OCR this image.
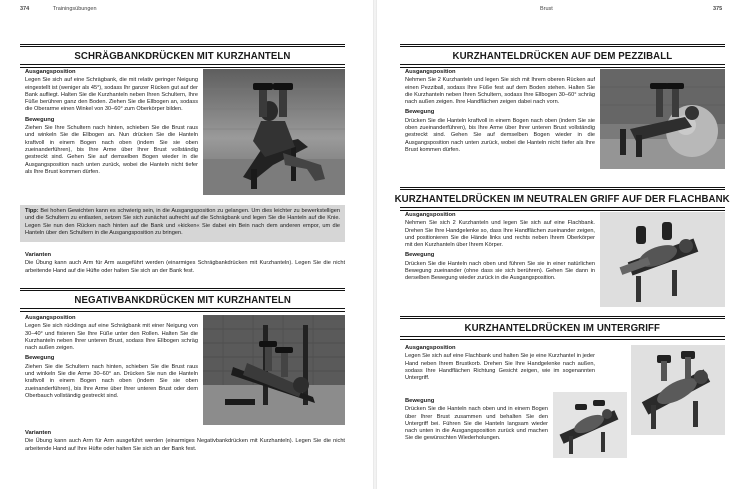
374	Trainingsübungen
SCHRÄGBANKDRÜCKEN MIT KURZHANTELN
Ausgangsposition
Legen Sie sich auf eine Schrägbank, die mit relativ geringer Neigung eingestellt ist (weniger als 45°), sodass Ihr ganzer Rücken gut auf der Bank aufliegt. Halten Sie die Kurzhanteln neben Ihren Schultern, Ihre Füße berühren ganz den Boden. Ziehen Sie die Ellbogen an, sodass die Oberarme einen Winkel von 30–60° zum Oberkörper bilden.
Bewegung
Ziehen Sie Ihre Schultern nach hinten, schieben Sie die Brust raus und winkeln Sie die Ellbogen an. Nun drücken Sie die Hanteln kraftvoll in einem Bogen nach oben (indem Sie sie oben zueinanderführen), bis Ihre Arme über Ihrer Brust vollständig gestreckt sind. Gehen Sie auf demselben Bogen wieder in die Ausgangsposition nach unten zurück, wobei die Hanteln nicht tiefer als Ihre Brust kommen dürfen.
Tipp: Bei hohen Gewichten kann es schwierig sein, in die Ausgangsposition zu gelangen. Um dies leichter zu bewerkstelligen und die Schultern zu entlasten, setzen Sie sich zunächst aufrecht auf die Schrägbank und legen Sie die Hanteln auf die Knie. Legen Sie nun den Rücken nach hinten auf die Bank und »kicken« Sie dabei ein Bein nach dem anderen empor, um die Hanteln über den Schultern in die Ausgangsposition zu bringen.
Varianten
Die Übung kann auch Arm für Arm ausgeführt werden (einarmiges Schrägbankdrücken mit Kurzhanteln). Legen Sie die nicht arbeitende Hand auf die Hüfte oder halten Sie sich an der Bank fest.
NEGATIVBANKDRÜCKEN MIT KURZHANTELN
Ausgangsposition
Legen Sie sich rücklings auf eine Schrägbank mit einer Neigung von 30–40° und fixieren Sie Ihre Füße unter den Rollen. Halten Sie die Kurzhanteln neben Ihrer unteren Brust, sodass Ihre Ellbogen schräg nach außen zeigen.
Bewegung
Ziehen Sie die Schultern nach hinten, schieben Sie die Brust raus und winkeln Sie die Arme 30–60° an. Drücken Sie nun die Hanteln kraftvoll in einem Bogen nach oben (indem Sie sie oben zueinanderführen), bis Ihre Arme über Ihrer unteren Brust oder dem Oberbauch vollständig gestreckt sind.
Varianten
Die Übung kann auch Arm für Arm ausgeführt werden (einarmiges Negativbankdrücken mit Kurzhanteln). Legen Sie die nicht arbeitende Hand auf Ihre Hüfte oder halten Sie sich an der Bank fest.
Brust	375
KURZHANTELDRÜCKEN AUF DEM PEZZIBALL
Ausgangsposition
Nehmen Sie 2 Kurzhanteln und legen Sie sich mit Ihrem oberen Rücken auf einen Pezziball, sodass Ihre Füße fest auf dem Boden stehen. Halten Sie die Kurzhanteln neben Ihren Schultern, sodass Ihre Ellbogen 30–60° schräg nach außen zeigen. Ihre Handflächen zeigen dabei nach vorn.
Bewegung
Drücken Sie die Hanteln kraftvoll in einem Bogen nach oben (indem Sie sie oben zueinanderführen), bis Ihre Arme über Ihrer unteren Brust vollständig gestreckt sind. Gehen Sie auf demselben Bogen wieder in die Ausgangsposition nach unten zurück, wobei die Hanteln nicht tiefer als Ihre Brust kommen dürfen.
KURZHANTELDRÜCKEN IM NEUTRALEN GRIFF AUF DER FLACHBANK
Ausgangsposition
Nehmen Sie sich 2 Kurzhanteln und legen Sie sich auf eine Flachbank. Drehen Sie Ihre Handgelenke so, dass Ihre Handflächen zueinander zeigen, und positionieren Sie die Hände links und rechts neben Ihrem Oberkörper mit den Kurzhanteln über Ihrem Körper.
Bewegung
Drücken Sie die Hanteln nach oben und führen Sie sie in einer natürlichen Bewegung zueinander (ohne dass sie sich berühren). Gehen Sie dann in derselben Bewegung wieder zurück in die Ausgangsposition.
KURZHANTELDRÜCKEN IM UNTERGRIFF
Ausgangsposition
Legen Sie sich auf eine Flachbank und halten Sie je eine Kurzhantel in jeder Hand neben Ihrem Brustkorb. Drehen Sie Ihre Handgelenke nach außen, sodass Ihre Handflächen Richtung Gesicht zeigen, wie im sogenannten Untergriff.
Bewegung
Drücken Sie die Hanteln nach oben und in einem Bogen über Ihrer Brust zusammen und behalten Sie den Untergriff bei. Führen Sie die Hanteln langsam wieder nach unten in die Ausgangsposition zurück und machen Sie die gewünschten Wiederholungen.
